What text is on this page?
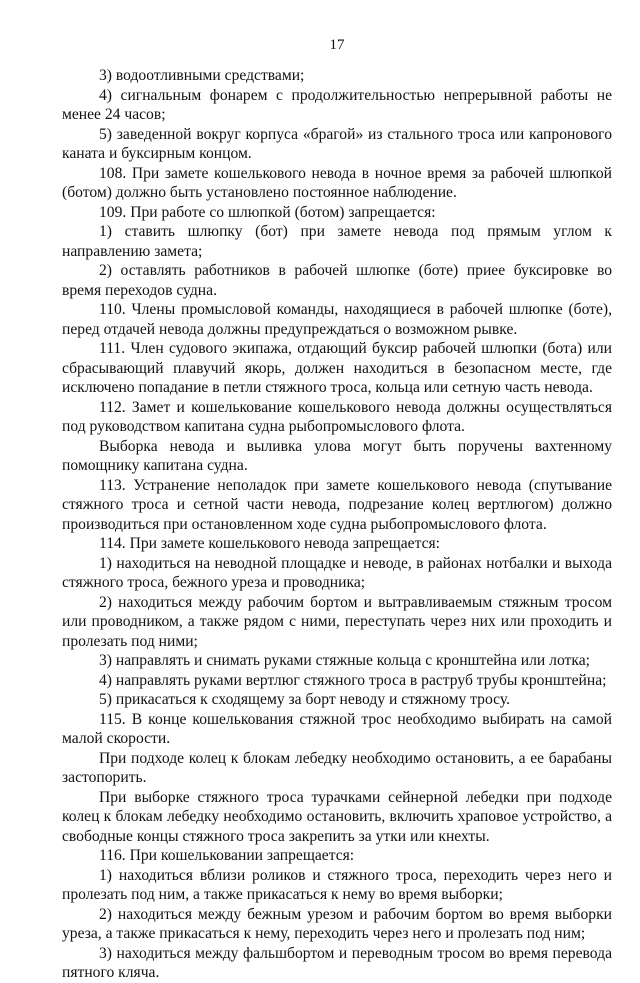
17

3) водоотливными средствами;

4) сигнальным фонарем с продолжительностью непрерывной работы не менее 24 часов;

5) заведенной вокруг корпуса «брагой» из стального троса или капронового каната и буксирным концом.

108. При замете кошелькового невода в ночное время за рабочей шлюпкой (ботом) должно быть установлено постоянное наблюдение.

109. При работе со шлюпкой (ботом) запрещается:

1) ставить шлюпку (бот) при замете невода под прямым углом к направлению замета;

2) оставлять работников в рабочей шлюпке (боте) приее буксировке во время переходов судна.

110. Члены промысловой команды, находящиеся в рабочей шлюпке (боте), перед отдачей невода должны предупреждаться о возможном рывке.

111. Член судового экипажа, отдающий буксир рабочей шлюпки (бота) или сбрасывающий плавучий якорь, должен находиться в безопасном месте, где исключено попадание в петли стяжного троса, кольца или сетную часть невода.

112. Замет и кошелькование кошелькового невода должны осуществляться под руководством капитана судна рыбопромыслового флота.

Выборка невода и выливка улова могут быть поручены вахтенному помощнику капитана судна.

113. Устранение неполадок при замете кошелькового невода (спутывание стяжного троса и сетной части невода, подрезание колец вертлюгом) должно производиться при остановленном ходе судна рыбопромыслового флота.

114. При замете кошелькового невода запрещается:

1) находиться на неводной площадке и неводе, в районах нотбалки и выхода стяжного троса, бежного уреза и проводника;

2) находиться между рабочим бортом и вытравливаемым стяжным тросом или проводником, а также рядом с ними, переступать через них или проходить и пролезать под ними;

3) направлять и снимать руками стяжные кольца с кронштейна или лотка;

4) направлять руками вертлюг стяжного троса в раструб трубы кронштейна;

5) прикасаться к сходящему за борт неводу и стяжному тросу.

115. В конце кошелькования стяжной трос необходимо выбирать на самой малой скорости.

При подходе колец к блокам лебедку необходимо остановить, а ее барабаны застопорить.

При выборке стяжного троса турачками сейнерной лебедки при подходе колец к блокам лебедку необходимо остановить, включить храповое устройство, а свободные концы стяжного троса закрепить за утки или кнехты.

116. При кошельковании запрещается:

1) находиться вблизи роликов и стяжного троса, переходить через него и пролезать под ним, а также прикасаться к нему во время выборки;

2) находиться между бежным урезом и рабочим бортом во время выборки уреза, а также прикасаться к нему, переходить через него и пролезать под ним;

3) находиться между фальшбортом и переводным тросом во время перевода пятного кляча.
